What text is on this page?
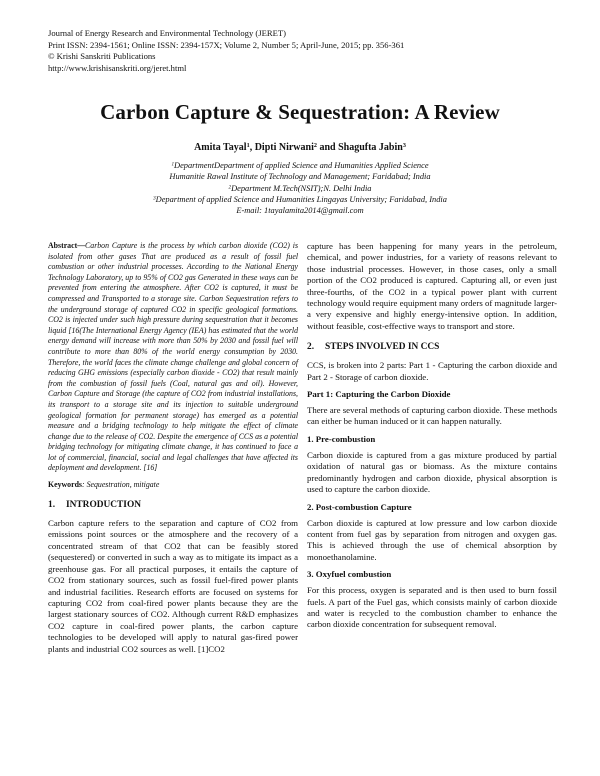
Journal of Energy Research and Environmental Technology (JERET)
Print ISSN: 2394-1561; Online ISSN: 2394-157X; Volume 2, Number 5; April-June, 2015; pp. 356-361
© Krishi Sanskriti Publications
http://www.krishisanskriti.org/jeret.html
Carbon Capture & Sequestration: A Review
Amita Tayal$^1$, Dipti Nirwani$^2$ and Shagufta Jabin$^3$
$^1$DepartmentDepartment of applied Science and Humanities Applied Science
Humanitie Rawal Institute of Technology and Management; Faridabad; India
$^2$Department M.Tech(NSIT);N. Delhi India
$^3$Department of applied Science and Humanities Lingayas University; Faridabad, India
E-mail: 1tayalamita2014@gmail.com

Abstract—Carbon Capture is the process by which carbon dioxide (CO2) is isolated from other gases That are produced as a result of fossil fuel combustion or other industrial processes. According to the National Energy Technology Laboratory, up to 95% of CO2 gas Generated in these ways can be prevented from entering the atmosphere. After CO2 is captured, it must be compressed and Transported to a storage site. Carbon Sequestration refers to the underground storage of captured CO2 in specific geological formations. CO2 is injected under such high pressure during sequestration that it becomes liquid [16(The International Energy Agency (IEA) has estimated that the world energy demand will increase with more than 50% by 2030 and fossil fuel will contribute to more than 80% of the world energy consumption by 2030. Therefore, the world faces the climate change challenge and global concern of reducing GHG emissions (especially carbon dioxide - CO2) that result mainly from the combustion of fossil fuels (Coal, natural gas and oil). However, Carbon Capture and Storage (the capture of CO2 from industrial installations, its transport to a storage site and its injection to suitable underground geological formation for permanent storage) has emerged as a potential measure and a bridging technology to help mitigate the effect of climate change due to the release of CO2. Despite the emergence of CCS as a potential bridging technology for mitigating climate change, it has continued to face a lot of commercial, financial, social and legal challenges that have affected its deployment and development. [16]

Keywords: Sequestration, mitigate

1. INTRODUCTION

Carbon capture refers to the separation and capture of CO2 from emissions point sources or the atmosphere and the recovery of a concentrated stream of that CO2 that can be feasibly stored (sequestered) or converted in such a way as to mitigate its impact as a greenhouse gas. For all practical purposes, it entails the capture of CO2 from stationary sources, such as fossil fuel-fired power plants and industrial facilities. Research efforts are focused on systems for capturing CO2 from coal-fired power plants because they are the largest stationary sources of CO2. Although current R&D emphasizes CO2 capture in coal-fired power plants, the carbon capture technologies to be developed will apply to natural gas-fired power plants and industrial CO2 sources as well. [1]CO2

capture has been happening for many years in the petroleum, chemical, and power industries, for a variety of reasons relevant to those industrial processes. However, in those cases, only a small portion of the CO2 produced is captured. Capturing all, or even just three-fourths, of the CO2 in a typical power plant with current technology would require equipment many orders of magnitude larger-a very expensive and highly energy-intensive option. In addition, without feasible, cost-effective ways to transport and store.

2. STEPS INVOLVED IN CCS

CCS, is broken into 2 parts: Part 1 - Capturing the carbon dioxide and Part 2 - Storage of carbon dioxide.

Part 1: Capturing the Carbon Dioxide

There are several methods of capturing carbon dioxide. These methods can either be human induced or it can happen naturally.

1. Pre-combustion

Carbon dioxide is captured from a gas mixture produced by partial oxidation of natural gas or biomass. As the mixture contains predominantly hydrogen and carbon dioxide, physical absorption is used to capture the carbon dioxide.

2. Post-combustion Capture

Carbon dioxide is captured at low pressure and low carbon dioxide content from fuel gas by separation from nitrogen and oxygen gas. This is achieved through the use of chemical absorption by monoethanolamine.

3. Oxyfuel combustion

For this process, oxygen is separated and is then used to burn fossil fuels. A part of the Fuel gas, which consists mainly of carbon dioxide and water is recycled to the combustion chamber to enhance the carbon dioxide concentration for subsequent removal.
